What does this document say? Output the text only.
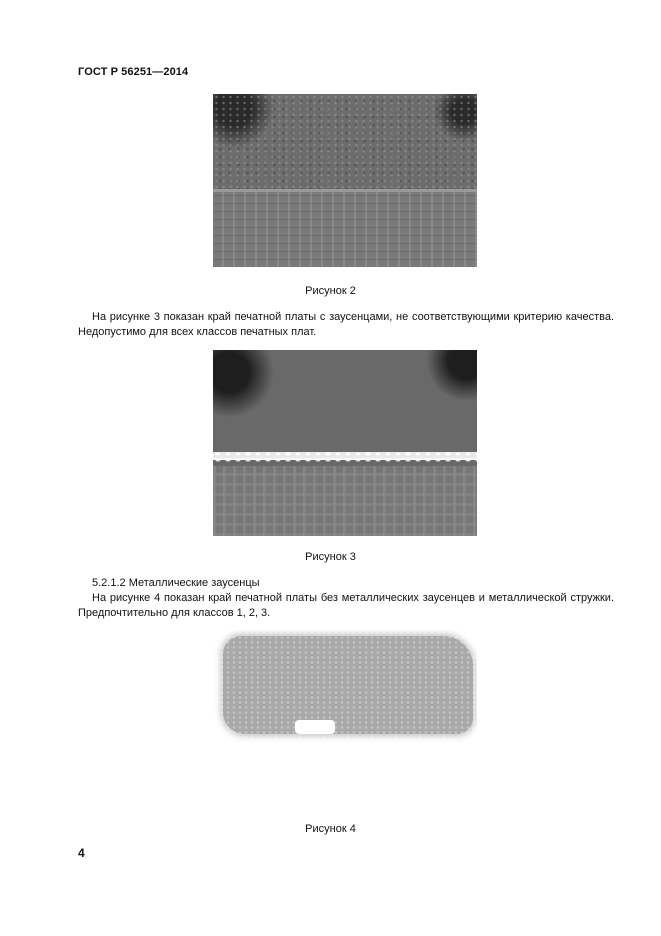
ГОСТ Р 56251—2014
Рисунок 2
На рисунке 3 показан край печатной платы с заусенцами, не соответствующими критерию качества. Недопустимо для всех классов печатных плат.
Рисунок 3
5.2.1.2 Металлические заусенцы
На рисунке 4 показан край печатной платы без металлических заусенцев и металлической стружки. Предпочтительно для классов 1, 2, 3.
Рисунок 4
4
